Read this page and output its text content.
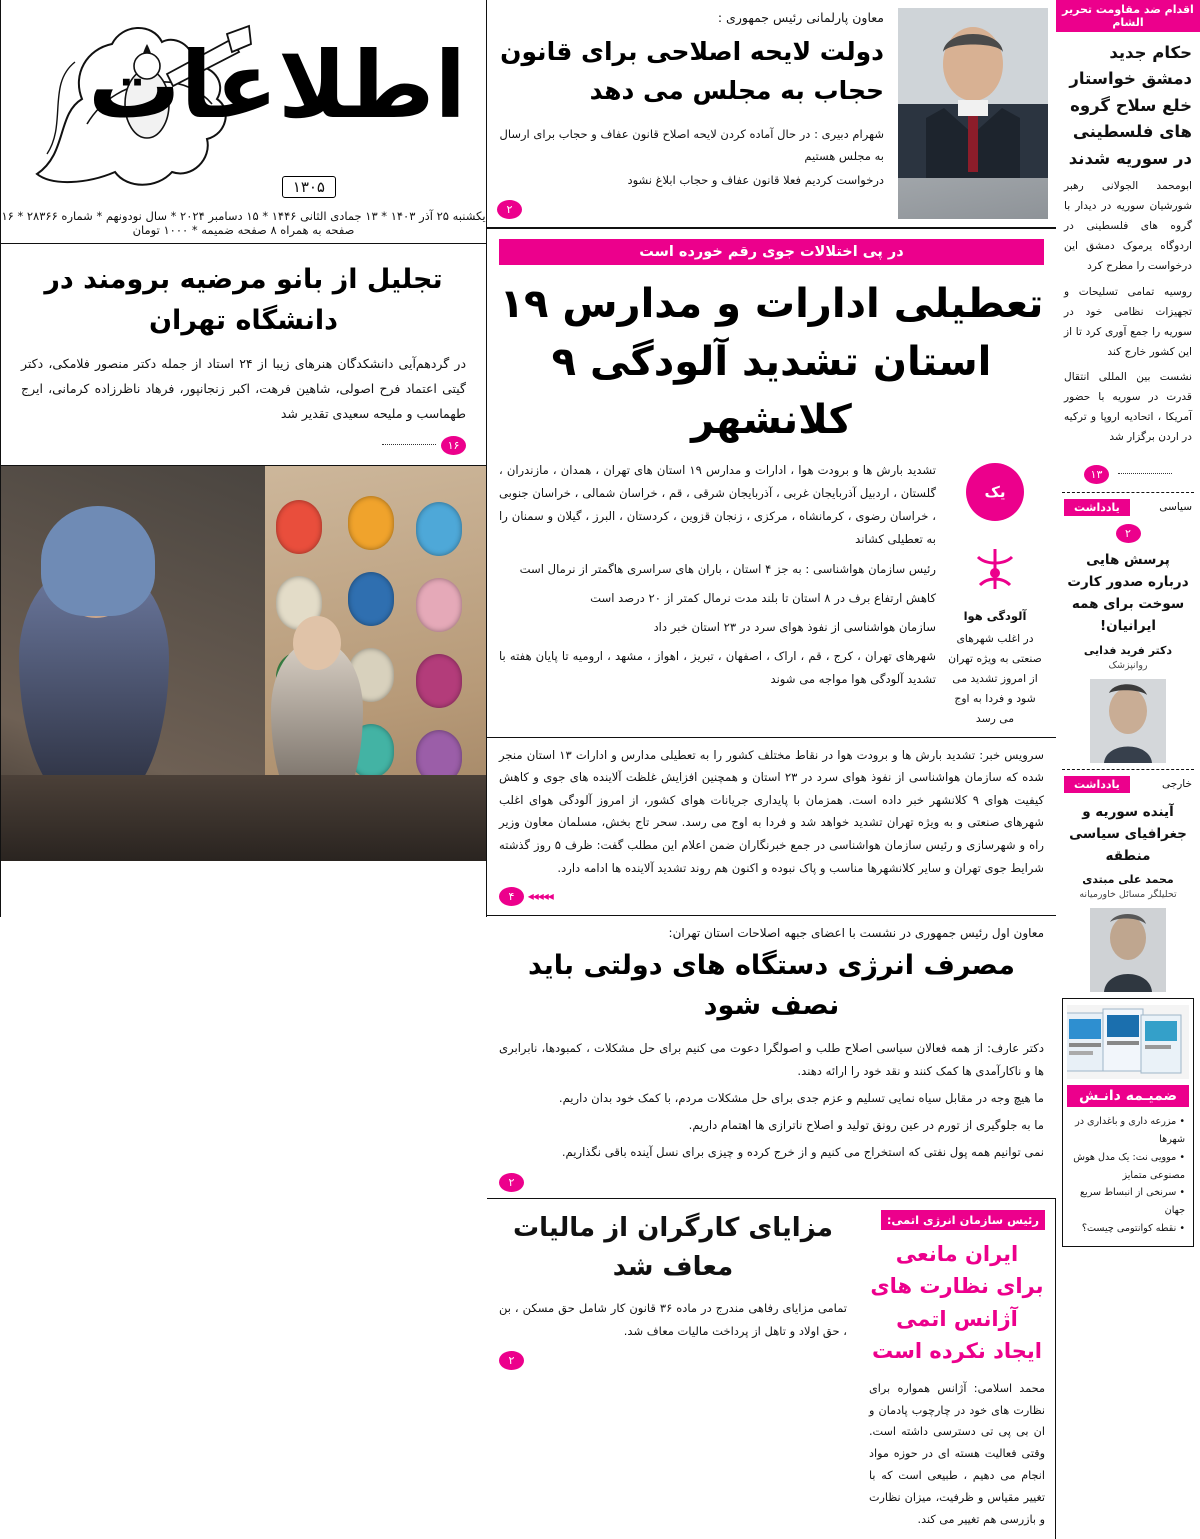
اطلاعات
۱۳۰۵
یکشنبه ۲۵ آذر ۱۴۰۳ * ۱۳ جمادی الثانی ۱۴۴۶ * ۱۵ دسامبر ۲۰۲۴ * سال نودونهم * شماره ۲۸۳۶۶ * ۱۶ صفحه به همراه ۸ صفحه ضمیمه * ۱۰۰۰ تومان
تجلیل از بانو مرضیه برومند در دانشگاه تهران
در گردهم‌آیی دانشکدگان هنرهای زیبا از ۲۴ استاد از جمله دکتر منصور فلامکی، دکتر گیتی اعتماد فرح اصولی، شاهین فرهت، اکبر زنجانپور، فرهاد ناظرزاده کرمانی، ایرج طهماسب و ملیحه سعیدی تقدیر شد
۱۶
معاون پارلمانی رئیس جمهوری :
دولت لایحه اصلاحی برای قانون حجاب به مجلس می دهد
شهرام دبیری : در حال آماده کردن لایحه اصلاح قانون عفاف و حجاب برای ارسال به مجلس هستیم
درخواست کردیم فعلا قانون عفاف و حجاب ابلاغ نشود
۲
در پی اختلالات جوی رقم خورده است
تعطیلی ادارات و مدارس ۱۹ استان تشدید آلودگی ۹ کلانشهر
تشدید بارش ها و برودت هوا ، ادارات و مدارس ۱۹ استان های تهران ، همدان ، مازندران ، گلستان ، اردبیل آذربایجان غربی ، آذربایجان شرقی ، قم ، خراسان شمالی ، خراسان جنوبی ، خراسان رضوی ، کرمانشاه ، مرکزی ، زنجان قزوین ، کردستان ، البرز ، گیلان و سمنان را به تعطیلی کشاند
رئیس سازمان هواشناسی : به جز ۴ استان ، باران های سراسری هاگمتر از نرمال است
کاهش ارتفاع برف در ۸ استان تا بلند مدت نرمال کمتر از ۲۰ درصد است
سازمان هواشناسی از نفوذ هوای سرد در ۲۳ استان خبر داد
شهرهای تهران ، کرج ، قم ، اراک ، اصفهان ، تبریز ، اهواز ، مشهد ، ارومیه تا پایان هفته با تشدید آلودگی هوا مواجه می شوند
یک
آلودگی هوا
در اغلب شهرهای صنعتی به ویژه تهران از امروز تشدید می شود و فردا به اوج می رسد
سرویس خبر: تشدید بارش ها و برودت هوا در نقاط مختلف کشور را به تعطیلی مدارس و ادارات ۱۳ استان منجر شده که سازمان هواشناسی از نفوذ هوای سرد در ۲۳ استان و همچنین افزایش غلظت آلاینده های جوی و کاهش کیفیت هوای ۹ کلانشهر خبر داده است. همزمان با پایداری جریانات هوای کشور، از امروز آلودگی هوای اغلب شهرهای صنعتی و به ویژه تهران تشدید خواهد شد و فردا به اوج می رسد. سحر تاج بخش، مسلمان معاون وزیر راه و شهرسازی و رئیس سازمان هواشناسی در جمع خبرنگاران ضمن اعلام این مطلب گفت: ظرف ۵ روز گذشته شرایط جوی تهران و سایر کلانشهرها مناسب و پاک نبوده و اکنون هم روند تشدید آلاینده ها ادامه دارد.
◂◂◂◂◂ ۴
معاون اول رئیس جمهوری در نشست با اعضای جبهه اصلاحات استان تهران:
مصرف انرژی دستگاه های دولتی باید نصف شود
دکتر عارف: از همه فعالان سیاسی اصلاح طلب و اصولگرا دعوت می کنیم برای حل مشکلات ، کمبودها، نابرابری ها و ناکارآمدی ها کمک کنند و نقد خود را ارائه دهند.
ما هیچ وجه در مقابل سیاه نمایی تسلیم و عزم جدی برای حل مشکلات مردم، با کمک خود بدان داریم.
ما به جلوگیری از تورم در عین رونق تولید و اصلاح ناترازی ها اهتمام داریم.
نمی توانیم همه پول نفتی که استخراج می کنیم و از خرج کرده و چیزی برای نسل آینده باقی نگذاریم.
۲
مزایای کارگران از مالیات معاف شد
تمامی مزایای رفاهی مندرج در ماده ۳۶ قانون کار شامل حق مسکن ، بن ، حق اولاد و تاهل از پرداخت مالیات معاف شد.
۲
رئیس سازمان انرژی اتمی:
ایران مانعی برای نظارت های آژانس اتمی ایجاد نکرده است
محمد اسلامی: آژانس همواره برای نظارت های خود در چارچوب پادمان و ان بی پی تی دسترسی داشته است. وقتی فعالیت هسته ای در حوزه مواد انجام می دهیم ، طبیعی است که با تغییر مقیاس و ظرفیت، میزان نظارت و بازرسی هم تغییر می کند.
اقدام ضد مقاومت تحریر الشام
حکام جدید دمشق خواستار خلع سلاح گروه های فلسطینی در سوریه شدند
ابومحمد الجولانی رهبر شورشیان سوریه در دیدار با گروه های فلسطینی در اردوگاه یرموک دمشق این درخواست را مطرح کرد
روسیه تمامی تسلیحات و تجهیزات نظامی خود در سوریه را جمع آوری کرد تا از این کشور خارج کند
نشست بین المللی انتقال قدرت در سوریه با حضور آمریکا ، اتحادیه اروپا و ترکیه در اردن برگزار شد
۱۳
یادداشت	سیاسی
۲
پرسش هایی درباره صدور کارت سوخت برای همه ایرانیان!
دکتر فرید فدایی
روانپزشک
یادداشت	خارجی
آینده سوریه و جغرافیای سیاسی منطقه
محمد علی مبتدی
تحلیلگر مسائل خاورمیانه
ضمیـمه دانـش
• مزرعه داری و باغداری در شهرها
• موویی نت: یک مدل هوش مصنوعی متمایز
• سرنخی از انبساط سریع جهان
• نقطه کوانتومی چیست؟
